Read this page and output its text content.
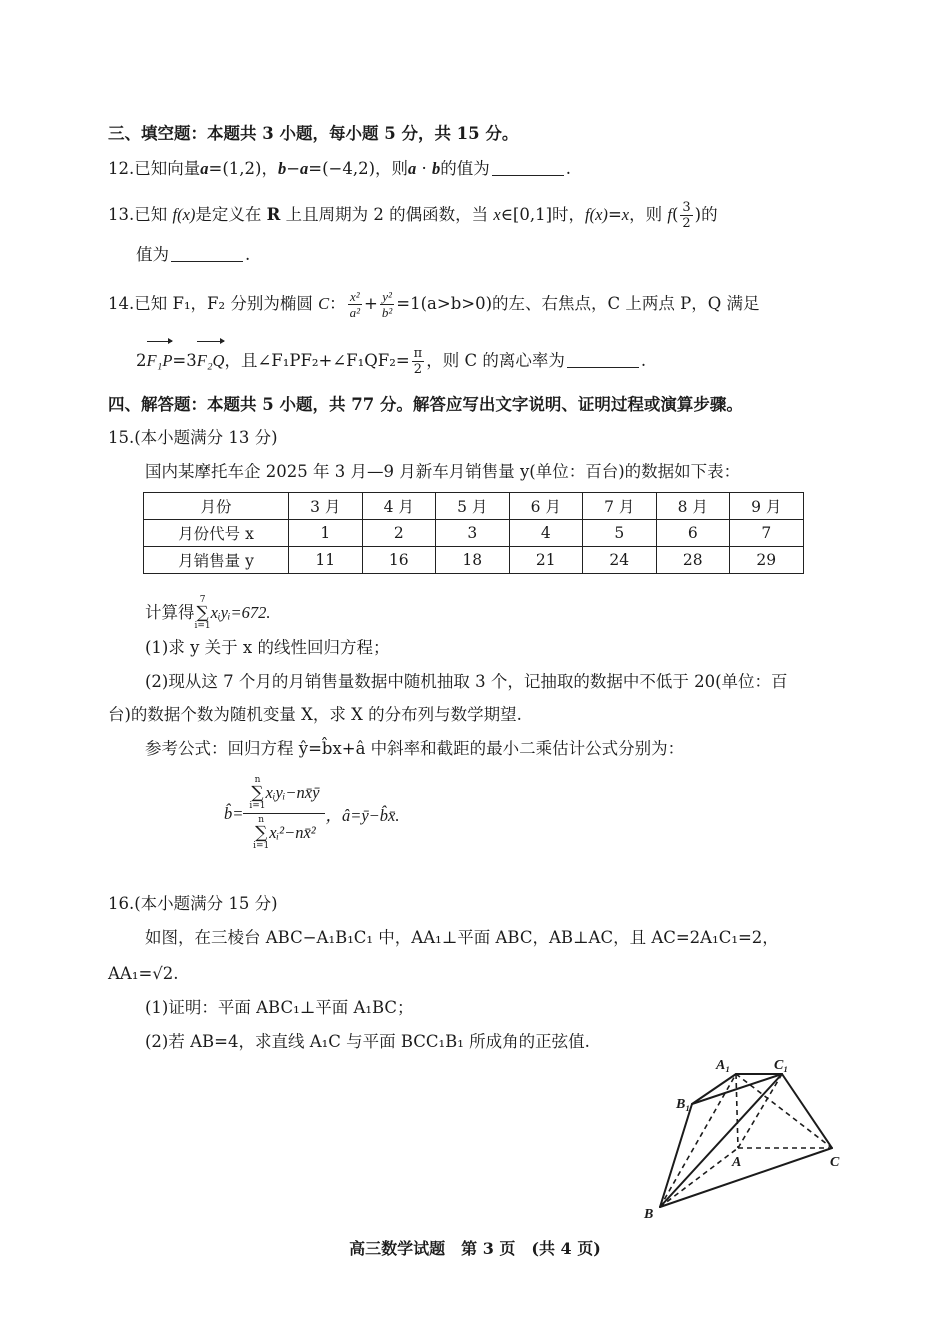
三、填空题：本题共 3 小题，每小题 5 分，共 15 分。
12.已知向量a=(1,2)，b−a=(−4,2)，则a · b的值为	.
13.已知 f(x)是定义在 R 上且周期为 2 的偶函数，当 x∈[0,1]时，f(x)=x，则 $f( \frac{3}{2}$ )的
值为	.
14.已知 F₁，F₂ 分别为椭圆 C： $\frac{\text{x²}}{\text{a²}} + \frac{\text{y²}}{\text{b²}} =1(a>b>0)$的左、右焦点，C 上两点 P，Q 满足
2F₁P=3F₂Q，且∠F₁PF₂+∠F₁QF₂= $\frac{\pi}{2}$ ，则 C 的离心率为	.
四、解答题：本题共 5 小题，共 77 分。解答应写出文字说明、证明过程或演算步骤。
15.(本小题满分 13 分)
国内某摩托车企 2025 年 3 月—9 月新车月销售量 y(单位：百台)的数据如下表：
月份	3 月	4 月	5 月	6 月	7 月	8 月	9 月
月份代号 x	1	2	3	4	5	6	7
月销售量 y	11	16	18	21	24	28	29
计算得7
∑
i=1xᵢyᵢ=672.
(1)求 y 关于 x 的线性回归方程；
(2)现从这 7 个月的月销售量数据中随机抽取 3 个，记抽取的数据中不低于 20(单位：百
台)的数据个数为随机变量 X，求 X 的分布列与数学期望.
参考公式：回归方程 ŷ=b̂x+â 中斜率和截距的最小二乘估计公式分别为：
b̂=
n
∑
i=1xᵢyᵢ−nx̄ȳ
n
∑
i=1xᵢ²−nx̄²
，â=ȳ−b̂x̄.
16.(本小题满分 15 分)
如图，在三棱台 ABC−A₁B₁C₁ 中，AA₁⊥平面 ABC，AB⊥AC，且 AC=2A₁C₁=2，
AA₁=√2.
(1)证明：平面 ABC₁⊥平面 A₁BC；
(2)若 AB=4，求直线 A₁C 与平面 BCC₁B₁ 所成角的正弦值.
A₁	C₁
B₁
A	C
B
高三数学试题　第 3 页　(共 4 页)
